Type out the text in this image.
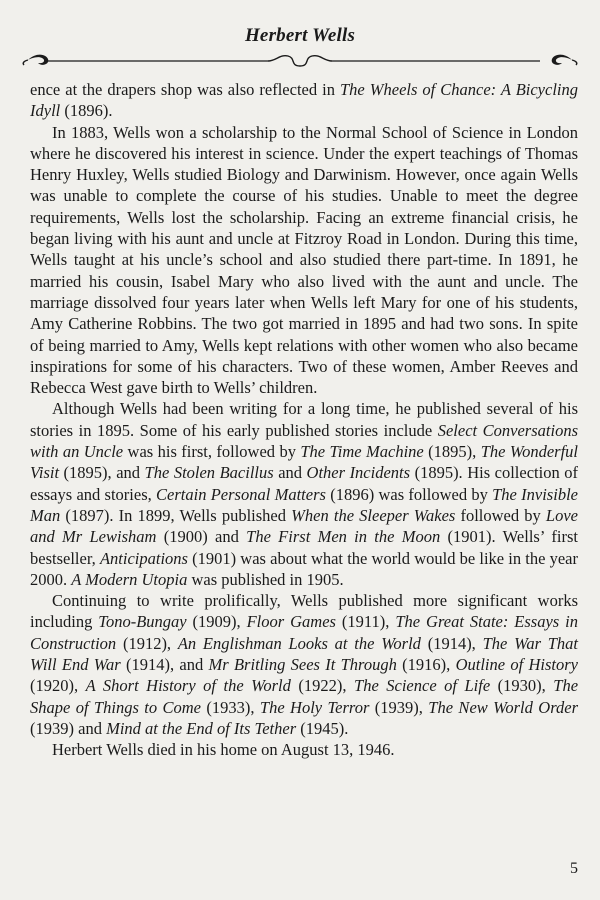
Herbert Wells

ence at the drapers shop was also reflected in The Wheels of Chance: A Bicycling Idyll (1896).

In 1883, Wells won a scholarship to the Normal School of Science in London where he discovered his interest in science. Under the expert teachings of Thomas Henry Huxley, Wells studied Biology and Darwinism. However, once again Wells was unable to complete the course of his studies. Unable to meet the degree requirements, Wells lost the scholarship. Facing an extreme financial crisis, he began living with his aunt and uncle at Fitzroy Road in London. During this time, Wells taught at his uncle’s school and also studied there part-time. In 1891, he married his cousin, Isabel Mary who also lived with the aunt and uncle. The marriage dissolved four years later when Wells left Mary for one of his students, Amy Catherine Robbins. The two got married in 1895 and had two sons. In spite of being married to Amy, Wells kept relations with other women who also became inspirations for some of his characters. Two of these women, Amber Reeves and Rebecca West gave birth to Wells’ children.

Although Wells had been writing for a long time, he published several of his stories in 1895. Some of his early published stories include Select Conversations with an Uncle was his first, followed by The Time Machine (1895), The Wonderful Visit (1895), and The Stolen Bacillus and Other Incidents (1895). His collection of essays and stories, Certain Personal Matters (1896) was followed by The Invisible Man (1897). In 1899, Wells published When the Sleeper Wakes followed by Love and Mr Lewisham (1900) and The First Men in the Moon (1901). Wells’ first bestseller, Anticipations (1901) was about what the world would be like in the year 2000. A Modern Utopia was published in 1905.

Continuing to write prolifically, Wells published more significant works including Tono-Bungay (1909), Floor Games (1911), The Great State: Essays in Construction (1912), An Englishman Looks at the World (1914), The War That Will End War (1914), and Mr Britling Sees It Through (1916), Outline of History (1920), A Short History of the World (1922), The Science of Life (1930), The Shape of Things to Come (1933), The Holy Terror (1939), The New World Order (1939) and Mind at the End of Its Tether (1945).

Herbert Wells died in his home on August 13, 1946.

5
